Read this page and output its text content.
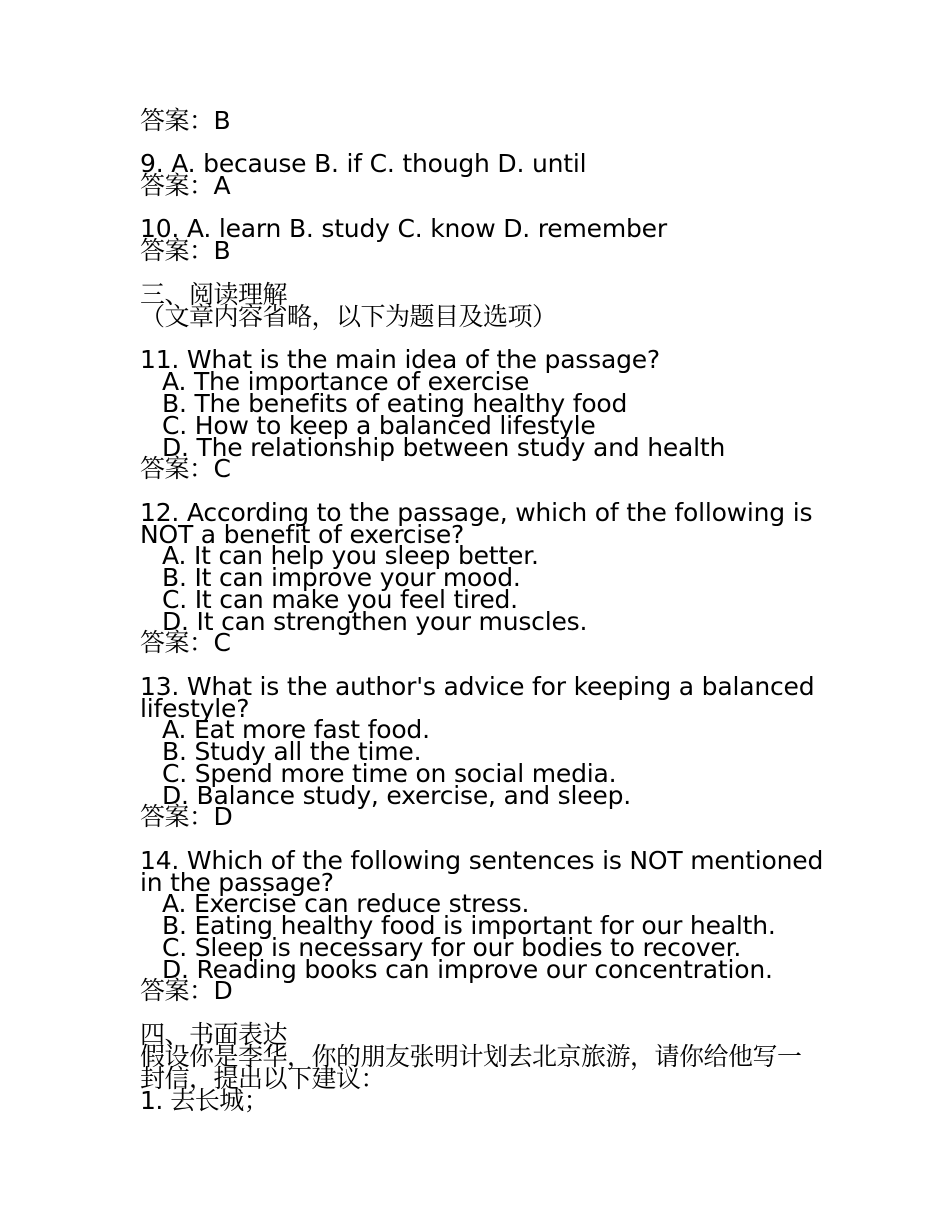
答案：B
9. A. because B. if C. though D. until
答案：A
10. A. learn B. study C. know D. remember
答案：B
三、阅读理解
（文章内容省略，以下为题目及选项）
11. What is the main idea of the passage?
A. The importance of exercise
B. The benefits of eating healthy food
C. How to keep a balanced lifestyle
D. The relationship between study and health
答案：C
12. According to the passage, which of the following is
NOT a benefit of exercise?
A. It can help you sleep better.
B. It can improve your mood.
C. It can make you feel tired.
D. It can strengthen your muscles.
答案：C
13. What is the author's advice for keeping a balanced
lifestyle?
A. Eat more fast food.
B. Study all the time.
C. Spend more time on social media.
D. Balance study, exercise, and sleep.
答案：D
14. Which of the following sentences is NOT mentioned
in the passage?
A. Exercise can reduce stress.
B. Eating healthy food is important for our health.
C. Sleep is necessary for our bodies to recover.
D. Reading books can improve our concentration.
答案：D
四、书面表达
假设你是李华，你的朋友张明计划去北京旅游，请你给他写一
封信，提出以下建议：
1. 去长城；
